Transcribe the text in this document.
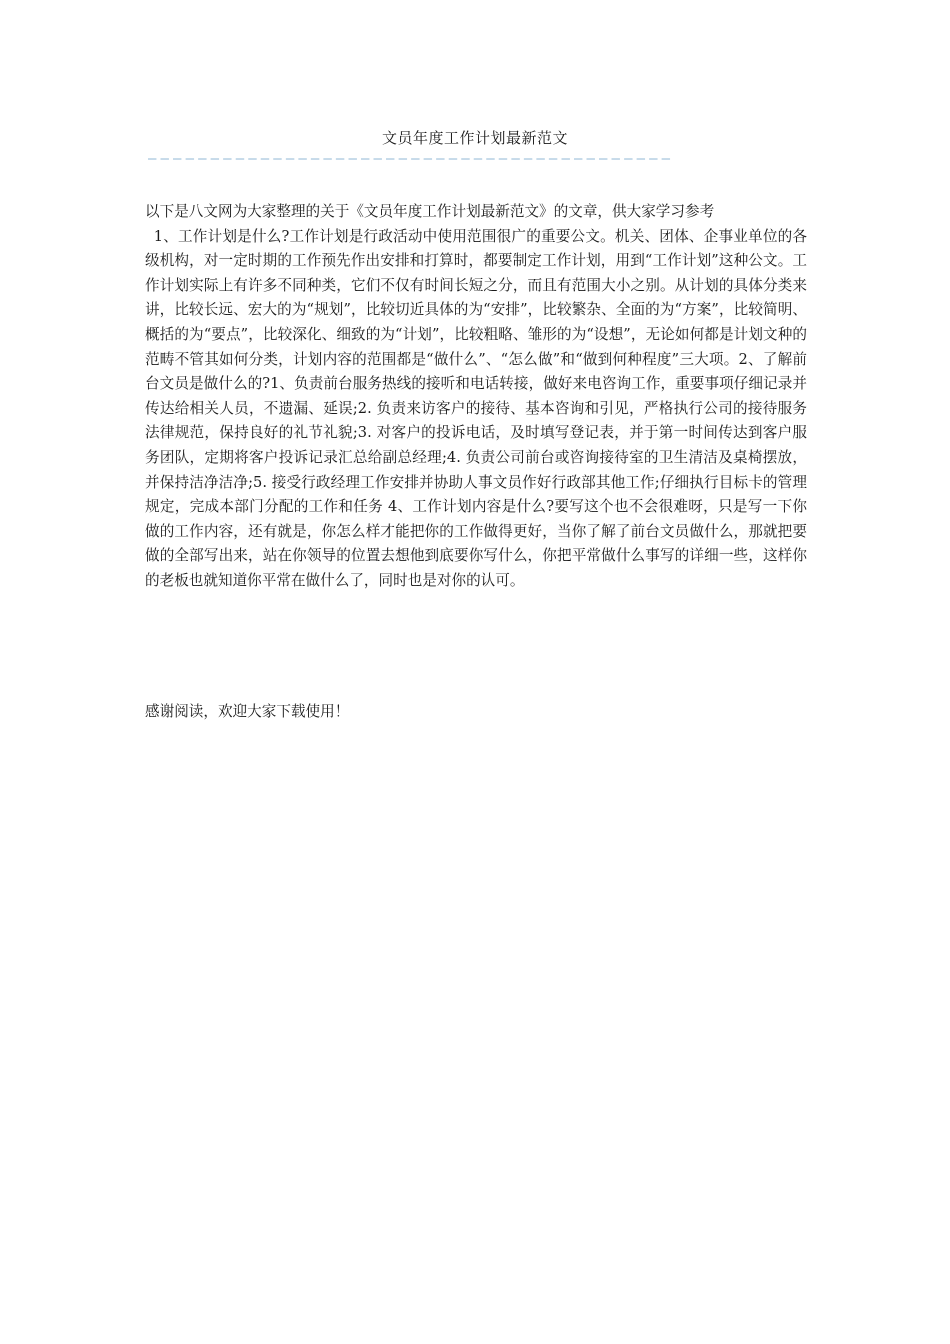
文员年度工作计划最新范文
——————————————————————————————————————————
以下是八文网为大家整理的关于《文员年度工作计划最新范文》的文章，供大家学习参考
1、工作计划是什么?工作计划是行政活动中使用范围很广的重要公文。机关、团体、企事业单位的各级机构，对一定时期的工作预先作出安排和打算时，都要制定工作计划，用到“工作计划”这种公文。工作计划实际上有许多不同种类，它们不仅有时间长短之分，而且有范围大小之别。从计划的具体分类来讲，比较长远、宏大的为“规划”，比较切近具体的为“安排”，比较繁杂、全面的为“方案”，比较简明、概括的为“要点”，比较深化、细致的为“计划”，比较粗略、雏形的为“设想”，无论如何都是计划文种的范畴不管其如何分类，计划内容的范围都是“做什么”、“怎么做”和“做到何种程度”三大项。2、了解前台文员是做什么的?1、负责前台服务热线的接听和电话转接，做好来电咨询工作，重要事项仔细记录并传达给相关人员，不遗漏、延误;2. 负责来访客户的接待、基本咨询和引见，严格执行公司的接待服务法律规范，保持良好的礼节礼貌;3. 对客户的投诉电话，及时填写登记表，并于第一时间传达到客户服务团队，定期将客户投诉记录汇总给副总经理;4. 负责公司前台或咨询接待室的卫生清洁及桌椅摆放，并保持洁净洁净;5. 接受行政经理工作安排并协助人事文员作好行政部其他工作;仔细执行目标卡的管理规定，完成本部门分配的工作和任务 4、工作计划内容是什么?要写这个也不会很难呀，只是写一下你做的工作内容，还有就是，你怎么样才能把你的工作做得更好，当你了解了前台文员做什么，那就把要做的全部写出来，站在你领导的位置去想他到底要你写什么，你把平常做什么事写的详细一些，这样你的老板也就知道你平常在做什么了，同时也是对你的认可。
感谢阅读，欢迎大家下载使用！
